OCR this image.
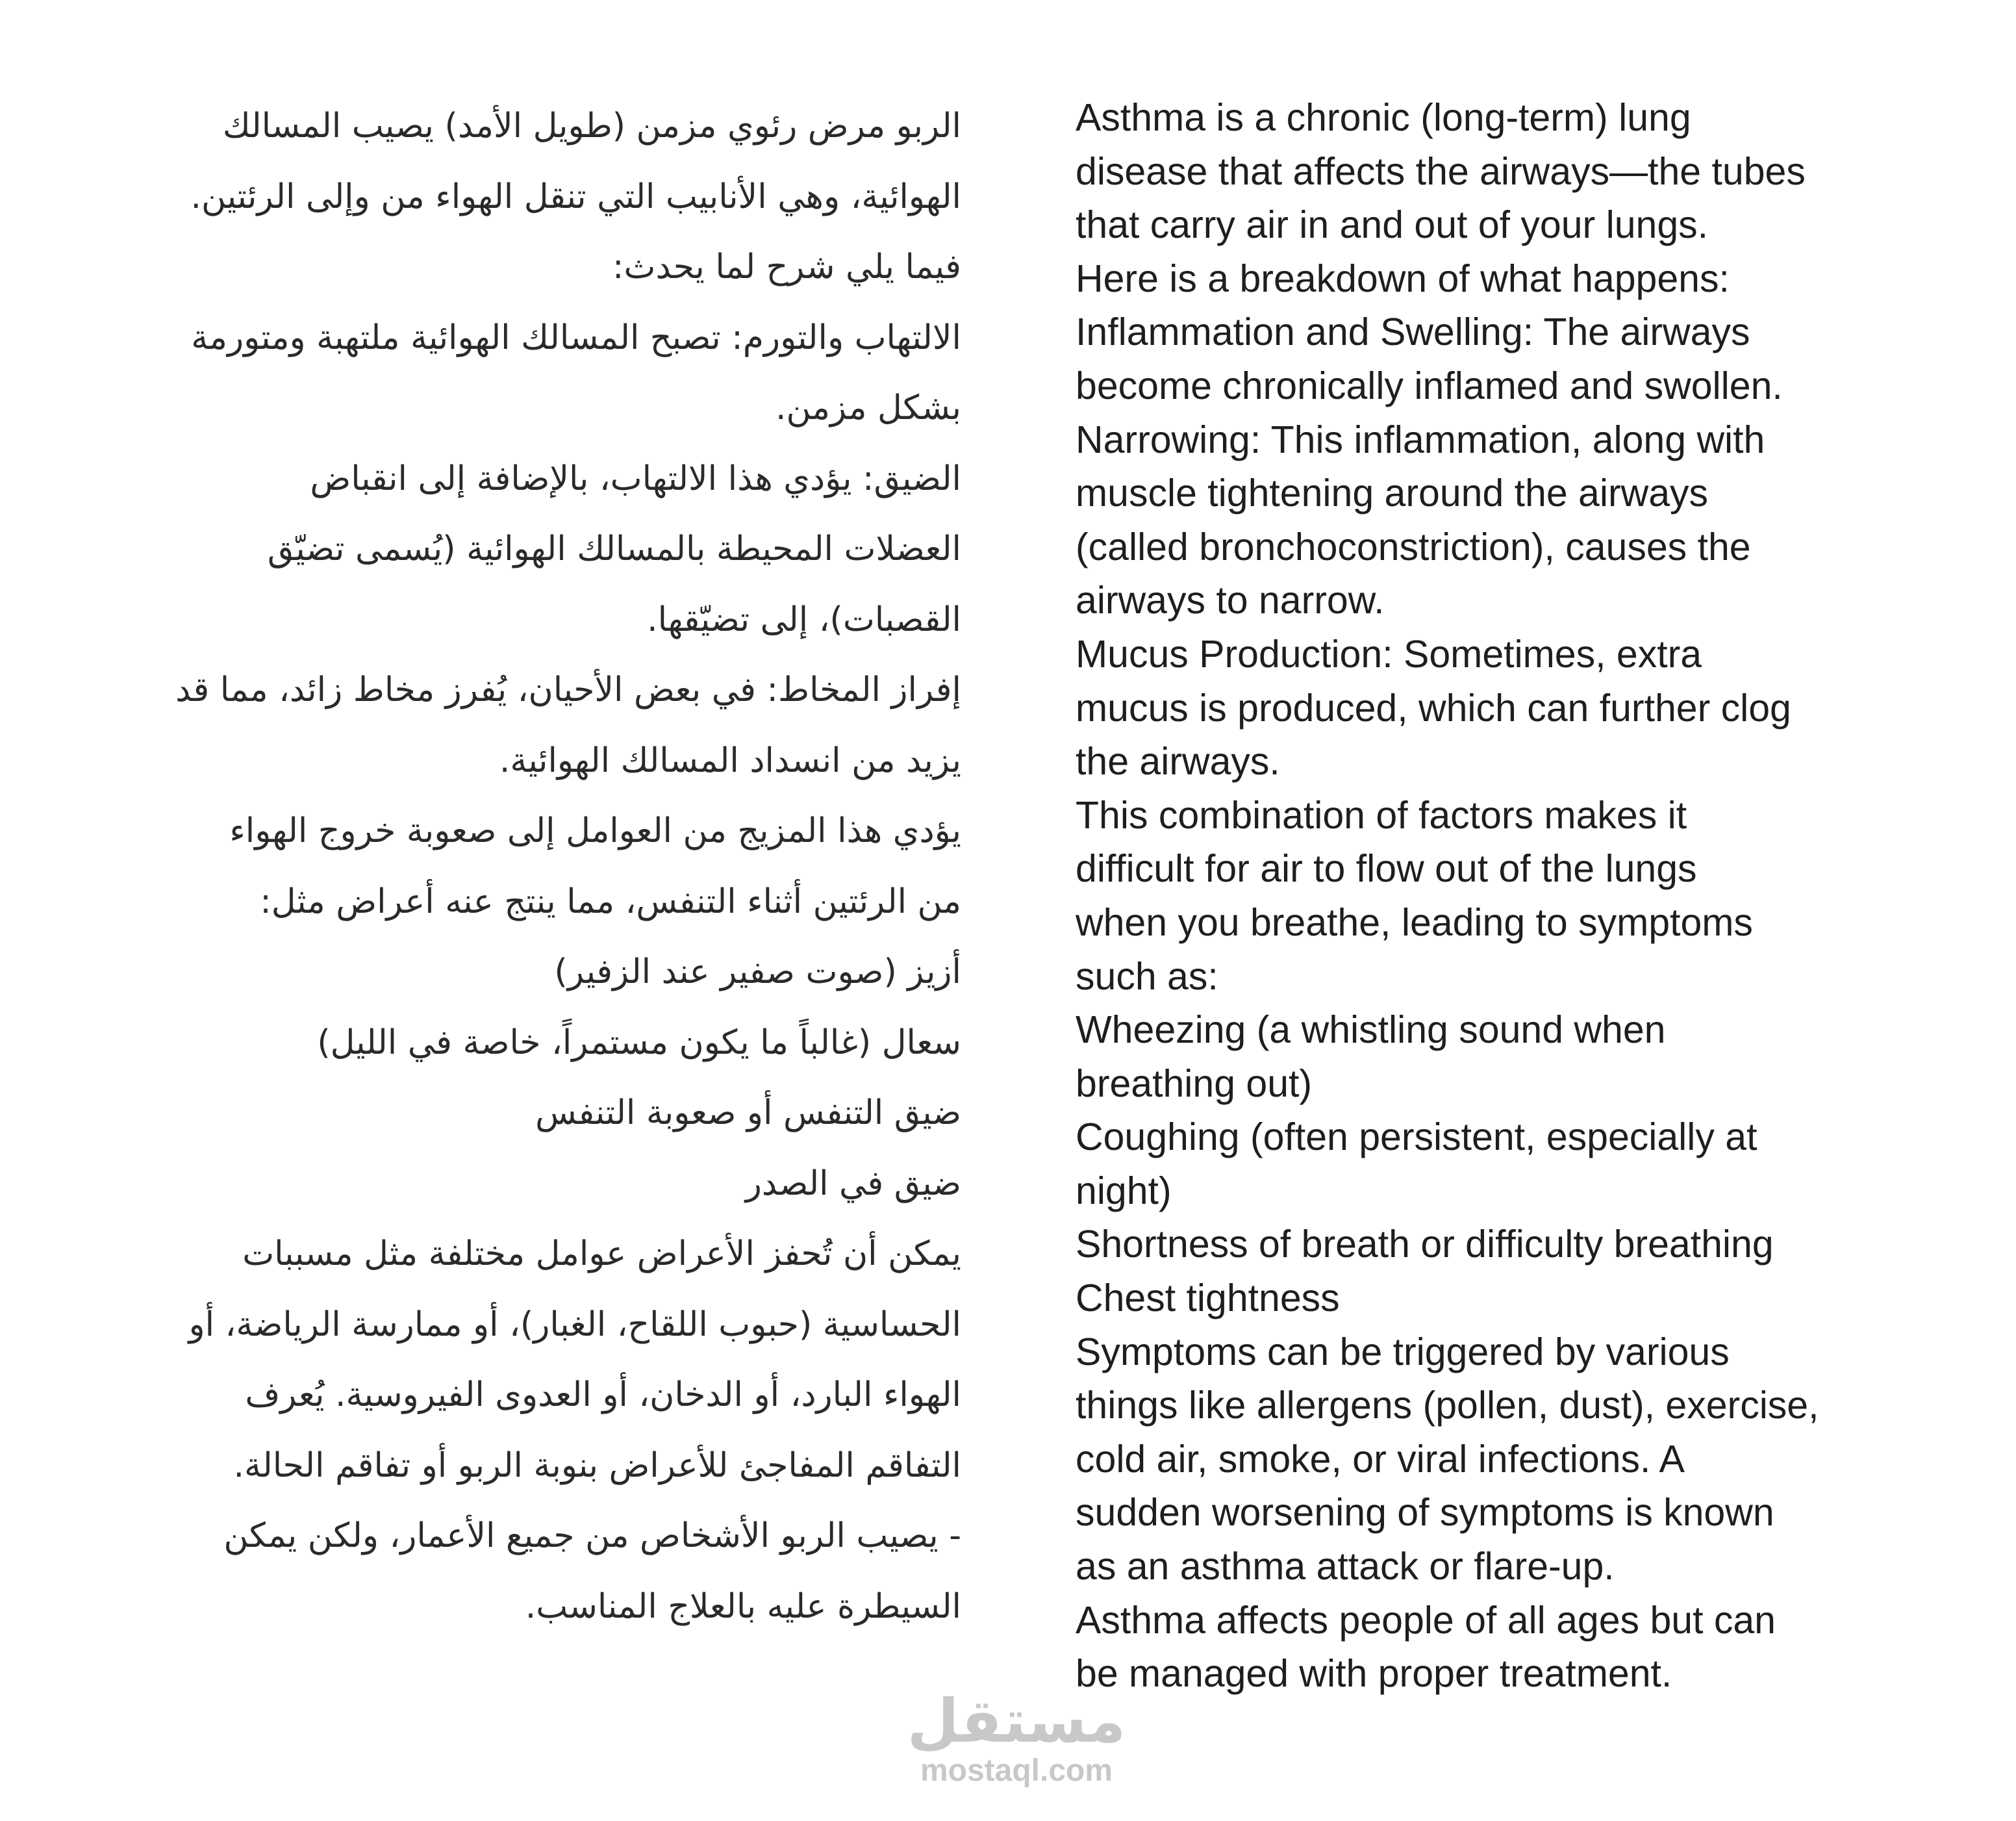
الربو مرض رئوي مزمن (طويل الأمد) يصيب المسالك
الهوائية، وهي الأنابيب التي تنقل الهواء من وإلى الرئتين.
فيما يلي شرح لما يحدث:
الالتهاب والتورم: تصبح المسالك الهوائية ملتهبة ومتورمة
بشكل مزمن.
الضيق: يؤدي هذا الالتهاب، بالإضافة إلى انقباض
العضلات المحيطة بالمسالك الهوائية (يُسمى تضيّق
القصبات)، إلى تضيّقها.
إفراز المخاط: في بعض الأحيان، يُفرز مخاط زائد، مما قد
يزيد من انسداد المسالك الهوائية.
يؤدي هذا المزيج من العوامل إلى صعوبة خروج الهواء
من الرئتين أثناء التنفس، مما ينتج عنه أعراض مثل:
أزيز (صوت صفير عند الزفير)
سعال (غالباً ما يكون مستمراً، خاصة في الليل)
ضيق التنفس أو صعوبة التنفس
ضيق في الصدر
يمكن أن تُحفز الأعراض عوامل مختلفة مثل مسببات
الحساسية (حبوب اللقاح، الغبار)، أو ممارسة الرياضة، أو
الهواء البارد، أو الدخان، أو العدوى الفيروسية. يُعرف
التفاقم المفاجئ للأعراض بنوبة الربو أو تفاقم الحالة.
- يصيب الربو الأشخاص من جميع الأعمار، ولكن يمكن
السيطرة عليه بالعلاج المناسب.
Asthma is a chronic (long-term) lung
disease that affects the airways—the tubes
that carry air in and out of your lungs.
Here is a breakdown of what happens:
Inflammation and Swelling: The airways
become chronically inflamed and swollen.
Narrowing: This inflammation, along with
muscle tightening around the airways
(called bronchoconstriction), causes the
airways to narrow.
Mucus Production: Sometimes, extra
mucus is produced, which can further clog
the airways.
This combination of factors makes it
difficult for air to flow out of the lungs
when you breathe, leading to symptoms
such as:
Wheezing (a whistling sound when
breathing out)
Coughing (often persistent, especially at
night)
Shortness of breath or difficulty breathing
Chest tightness
Symptoms can be triggered by various
things like allergens (pollen, dust), exercise,
cold air, smoke, or viral infections. A
sudden worsening of symptoms is known
as an asthma attack or flare-up.
Asthma affects people of all ages but can
be managed with proper treatment.
مستقل
mostaql.com
